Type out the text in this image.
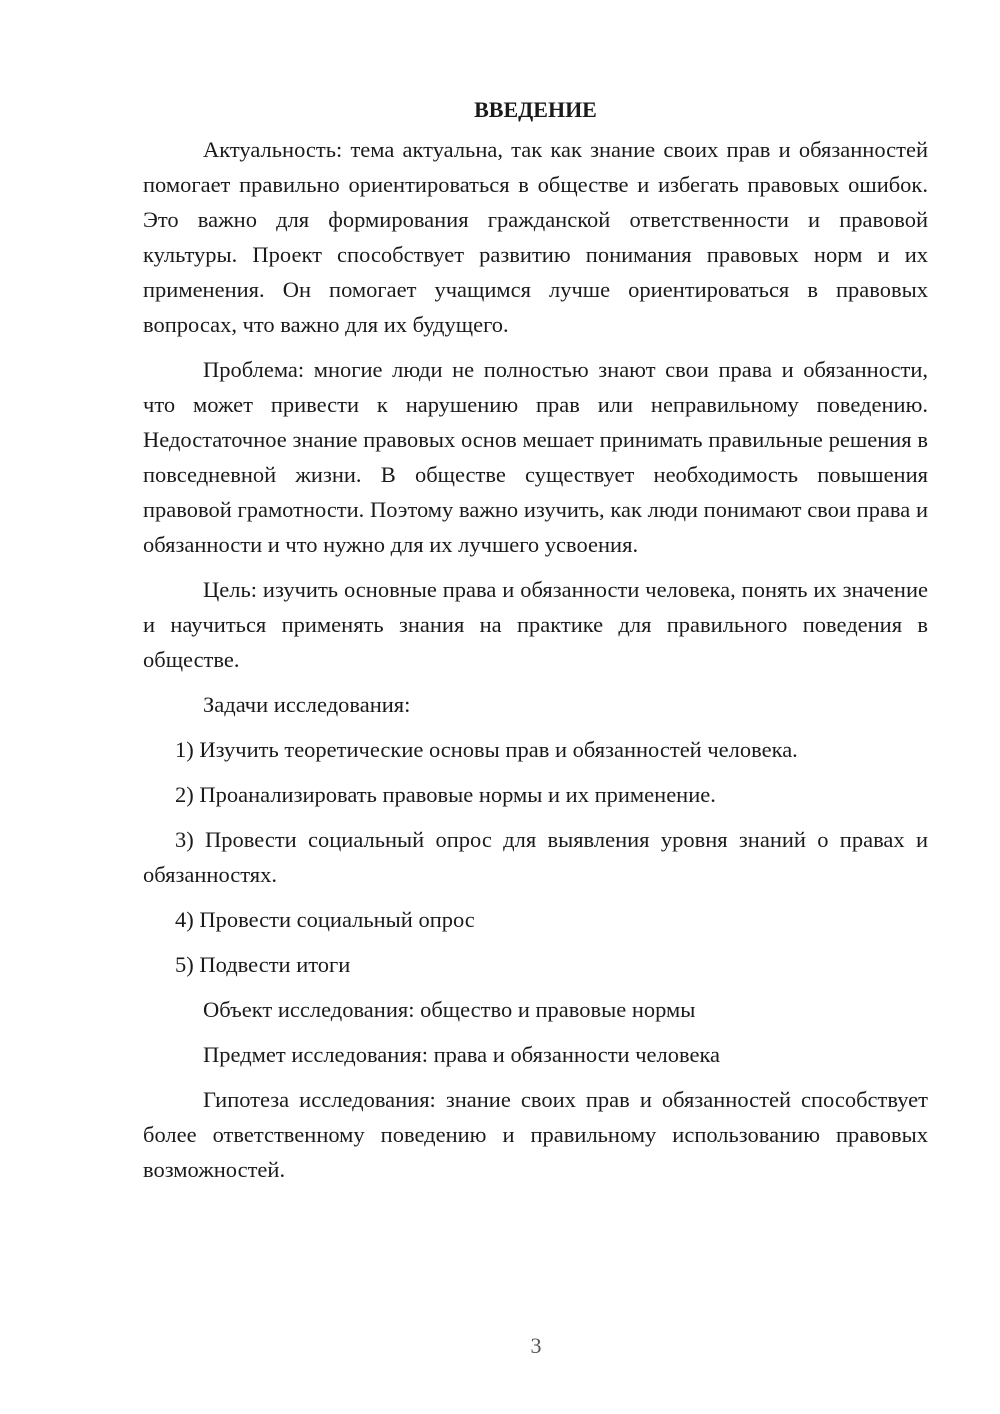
ВВЕДЕНИЕ

Актуальность: тема актуальна, так как знание своих прав и обязанностей помогает правильно ориентироваться в обществе и избегать правовых ошибок. Это важно для формирования гражданской ответственности и правовой культуры. Проект способствует развитию понимания правовых норм и их применения. Он помогает учащимся лучше ориентироваться в правовых вопросах, что важно для их будущего.

Проблема: многие люди не полностью знают свои права и обязанности, что может привести к нарушению прав или неправильному поведению. Недостаточное знание правовых основ мешает принимать правильные решения в повседневной жизни. В обществе существует необходимость повышения правовой грамотности. Поэтому важно изучить, как люди понимают свои права и обязанности и что нужно для их лучшего усвоения.

Цель: изучить основные права и обязанности человека, понять их значение и научиться применять знания на практике для правильного поведения в обществе.

Задачи исследования:

1) Изучить теоретические основы прав и обязанностей человека.

2) Проанализировать правовые нормы и их применение.

3) Провести социальный опрос для выявления уровня знаний о правах и обязанностях.

4) Провести социальный опрос

5) Подвести итоги

Объект исследования: общество и правовые нормы

Предмет исследования: права и обязанности человека

Гипотеза исследования: знание своих прав и обязанностей способствует более ответственному поведению и правильному использованию правовых возможностей.

3
